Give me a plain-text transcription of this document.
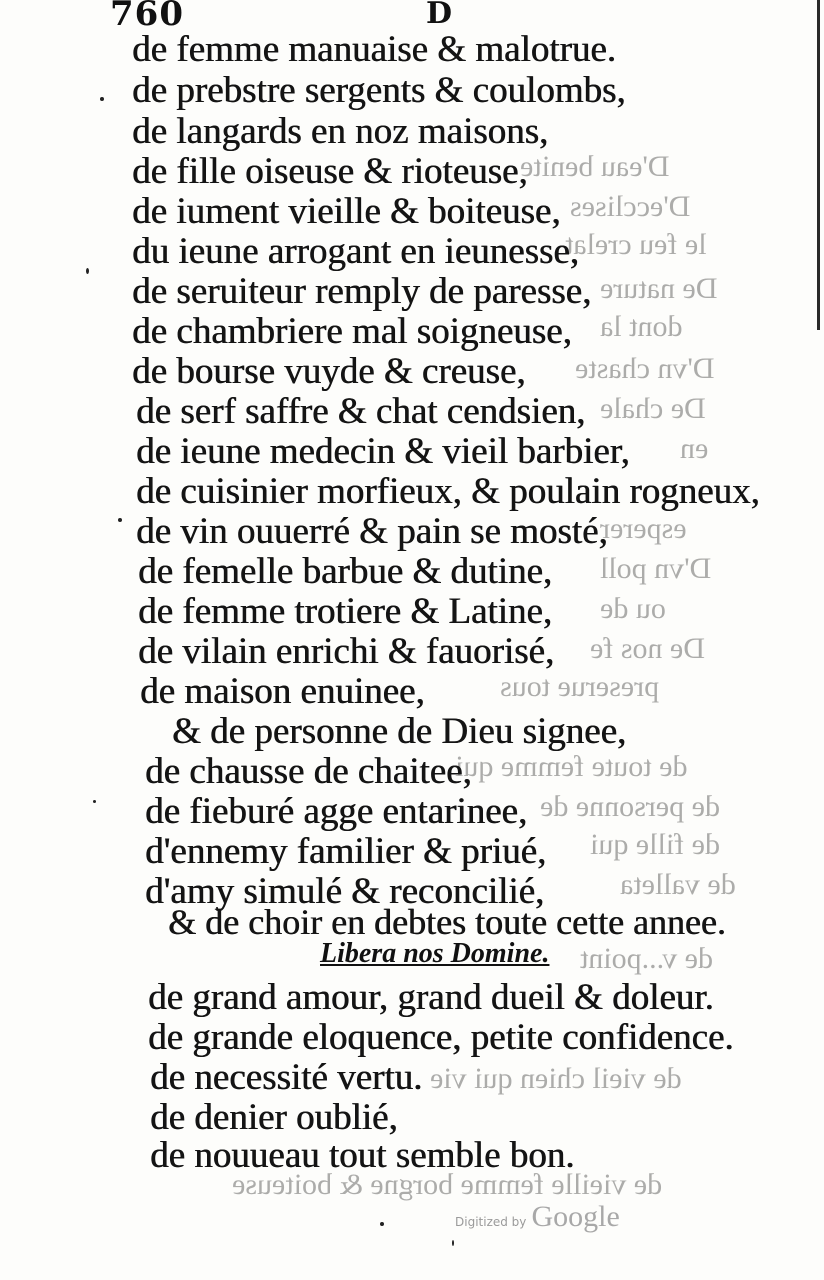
760	D
D'eau benite
D'ecclises
le feu crelat
De nature
dont la
D'vn chaste
De chale
en
esperer
D'vn poll
ou de
De nos fe
preserue tous
de toute femme qui
de personne de
de fille qui
de valleta
de v...point
de vieil chien qui vie
de vieille femme borgne & boiteuse
de femme manuaise & malotrue.
de prebstre sergents & coulombs,
de langards en noz maisons,
de fille oiseuse & rioteuse,
de iument vieille & boiteuse,
du ieune arrogant en ieunesse,
de seruiteur remply de paresse,
de chambriere mal soigneuse,
de bourse vuyde & creuse,
de serf saffre & chat cendsien,
de ieune medecin & vieil barbier,
de cuisinier morfieux, & poulain rogneux,
de vin ouuerré & pain se mosté,
de femelle barbue & dutine,
de femme trotiere & Latine,
de vilain enrichi & fauorisé,
de maison enuinee,
& de personne de Dieu signee,
de chausse de chaitee,
de fieburé agge entarinee,
d'ennemy familier & priué,
d'amy simulé & reconcilié,
& de choir en debtes toute cette annee.
Libera nos Domine.
de grand amour, grand dueil & doleur.
de grande eloquence, petite confidence.
de necessité vertu.
de denier oublié,
de nouueau tout semble bon.
Digitized by Google
